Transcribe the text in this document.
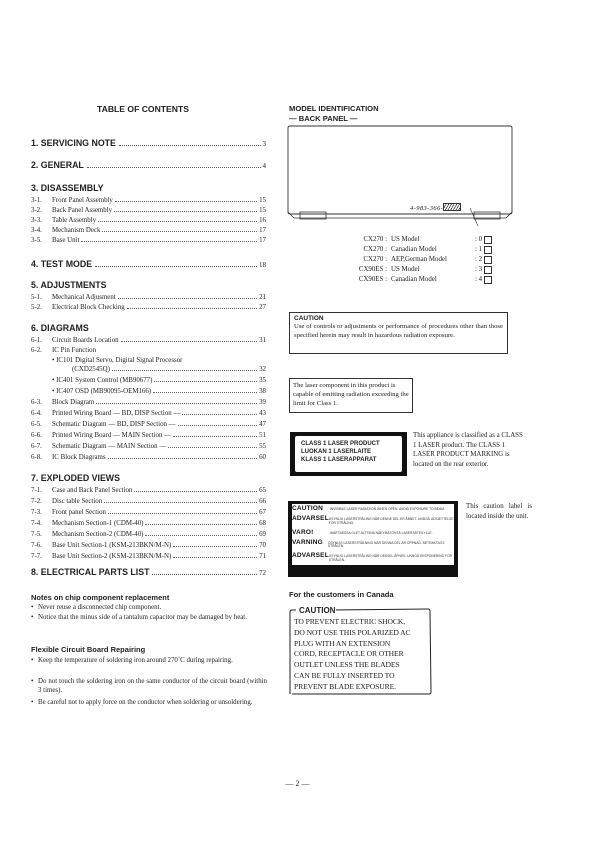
TABLE OF CONTENTS
1. SERVICING NOTE	3
2. GENERAL	4
3. DISASSEMBLY
3-1.	Front Panel Assembly	15
3-2.	Back Panel Assembly	15
3-3.	Table Assembly	16
3-4.	Mechanism Deck	17
3-5.	Base Unit	17
4. TEST MODE	18
5. ADJUSTMENTS
5-1.	Mechanical Adjusment	21
5-2.	Electrical Block Checking	27
6. DIAGRAMS
6-1.	Circuit Boards Location	31
6-2.	IC Pin Function
• IC101 Digital Servo, Digital Signal Processor
(CXD2545Q)	32
• IC401 System Control (MB90677)	35
• IC407 OSD (MB90095-OEM166)	38
6-3.	Block Diagram	39
6-4.	Printed Wiring Board — BD, DISP Section —	43
6-5.	Schematic Diagram — BD, DISP Section —	47
6-6.	Printed Wiring Board — MAIN Section —	51
6-7.	Schematic Diagram — MAIN Section —	55
6-8.	IC Block Diagrams	60
7. EXPLODED VIEWS
7-1.	Case and Back Panel Section	65
7-2.	Disc table Section	66
7-3.	Front panel Section	67
7-4.	Mechanism Section-1 (CDM-40)	68
7-5.	Mechanism Section-2 (CDM-40)	69
7-6.	Base Unit Section-1 (KSM-213BKN/M-N)	70
7-7.	Base Unit Section-2 (KSM-213BKN/M-N)	71
8. ELECTRICAL PARTS LIST	72
Notes on chip component replacement
• Never reuse a disconnected chip component.
• Notice that the minus side of a tantalum capacitor may be damaged by heat.
Flexible Circuit Board Repairing
• Keep the temperature of soldering iron around 270˚C during repairing.
• Do not touch the soldering iron on the same conductor of the circuit board (within 3 times).
• Be careful not to apply force on the conductor when soldering or unsoldering.
MODEL IDENTIFICATION
— BACK PANEL —
4-983-366-
CX270 : US Model	: 0
CX270 : Canadian Model	: 1
CX270 : AEP,German Model	: 2
CX90ES : US Model	: 3
CX90ES : Canadian Model	: 4
CAUTION
Use of controls or adjustments or performance of procedures other than those specified herein may result in hazardous radiation exposure.
The laser component in this product is capable of emitting radiation exceeding the limit for Class 1.
CLASS 1 LASER PRODUCT
LUOKAN 1 LASERLAITE
KLASS 1 LASERAPPARAT
This appliance is classified as a CLASS 1 LASER product. The CLASS 1 LASER PRODUCT MARKING is located on the rear exterior.
CAUTION	INVISIBLE LASER RADIATION WHEN OPEN. AVOID EXPOSURE TO BEAM.
ADVARSEL USYNLIG LASERSTRÅLING NÅR DENNE DEL ER ÅBNET. UNDGÅ UDSÆTTELSE FOR STRÅLING.
VARO!	AVATTAESSA OLET ALTTIINA NÄKYMÄTÖNTÄ LASERSÄTEILYLLE.
VARNING	OSYNLIG LASERSTRÅLNING NÄR DENNA DEL ÄR ÖPPNAD. BETRAKTA EJ STRÅLEN.
ADVARSEL USYNLIG LASERSTRÅLING NÅR DEKSEL ÅPNES. UNNGÅ EKSPONERING FOR STRÅLEN.
This caution label is located inside the unit.
For the customers in Canada
CAUTION
TO PREVENT ELECTRIC SHOCK,
DO NOT USE THIS POLARIZED AC
PLUG WITH AN EXTENSION
CORD, RECEPTACLE OR OTHER
OUTLET UNLESS THE BLADES
CAN BE FULLY INSERTED TO
PREVENT BLADE EXPOSURE.
— 2 —
